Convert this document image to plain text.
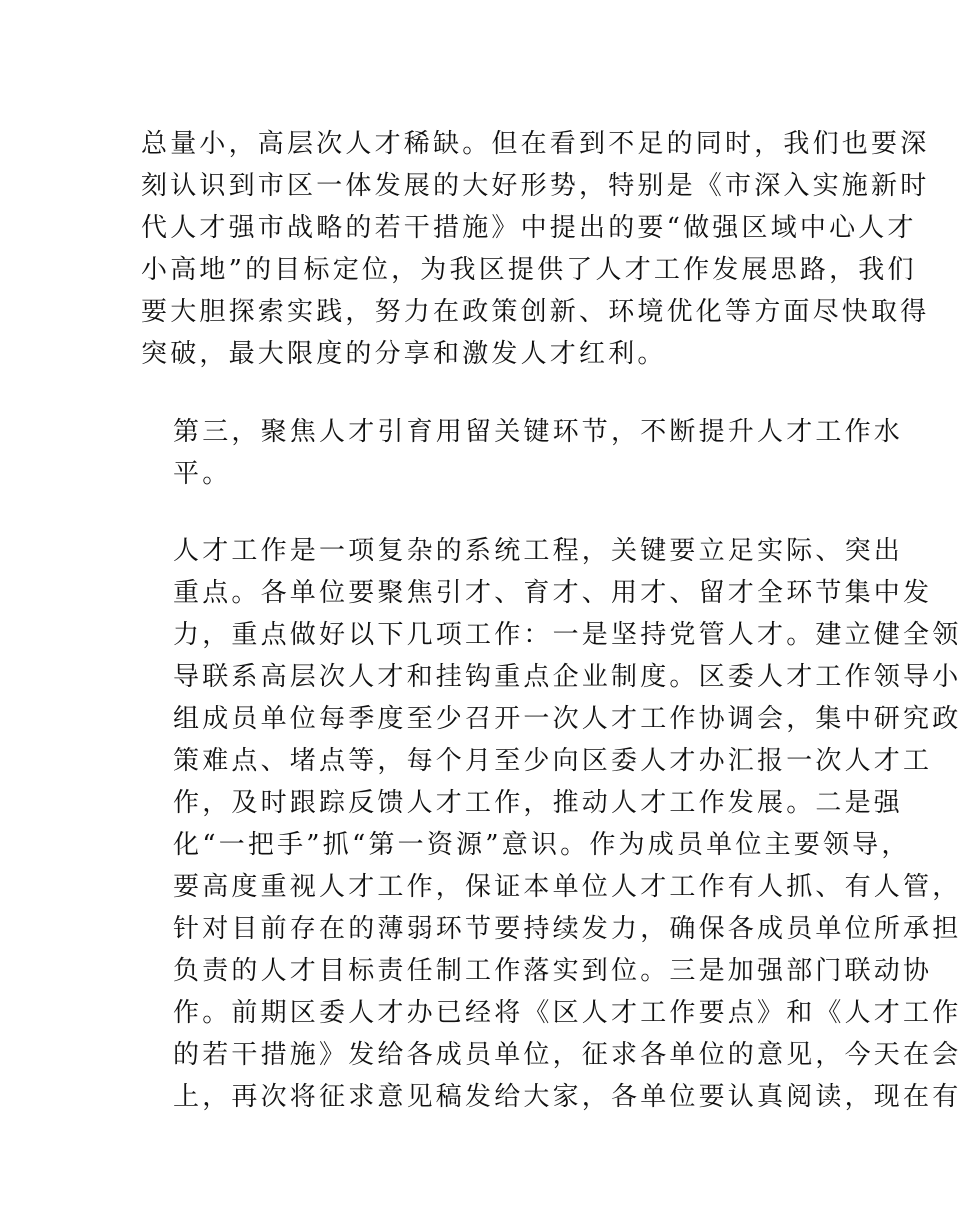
总量小，高层次人才稀缺。但在看到不足的同时，我们也要深
刻认识到市区一体发展的大好形势，特别是《市深入实施新时
代人才强市战略的若干措施》中提出的要“做强区域中心人才
小高地”的目标定位，为我区提供了人才工作发展思路，我们
要大胆探索实践，努力在政策创新、环境优化等方面尽快取得
突破，最大限度的分享和激发人才红利。
第三，聚焦人才引育用留关键环节，不断提升人才工作水
平。
人才工作是一项复杂的系统工程，关键要立足实际、突出
重点。各单位要聚焦引才、育才、用才、留才全环节集中发
力，重点做好以下几项工作：一是坚持党管人才。建立健全领
导联系高层次人才和挂钩重点企业制度。区委人才工作领导小
组成员单位每季度至少召开一次人才工作协调会，集中研究政
策难点、堵点等，每个月至少向区委人才办汇报一次人才工
作，及时跟踪反馈人才工作，推动人才工作发展。二是强
化“一把手”抓“第一资源”意识。作为成员单位主要领导，
要高度重视人才工作，保证本单位人才工作有人抓、有人管，
针对目前存在的薄弱环节要持续发力，确保各成员单位所承担
负责的人才目标责任制工作落实到位。三是加强部门联动协
作。前期区委人才办已经将《区人才工作要点》和《人才工作
的若干措施》发给各成员单位，征求各单位的意见，今天在会
上，再次将征求意见稿发给大家，各单位要认真阅读，现在有
